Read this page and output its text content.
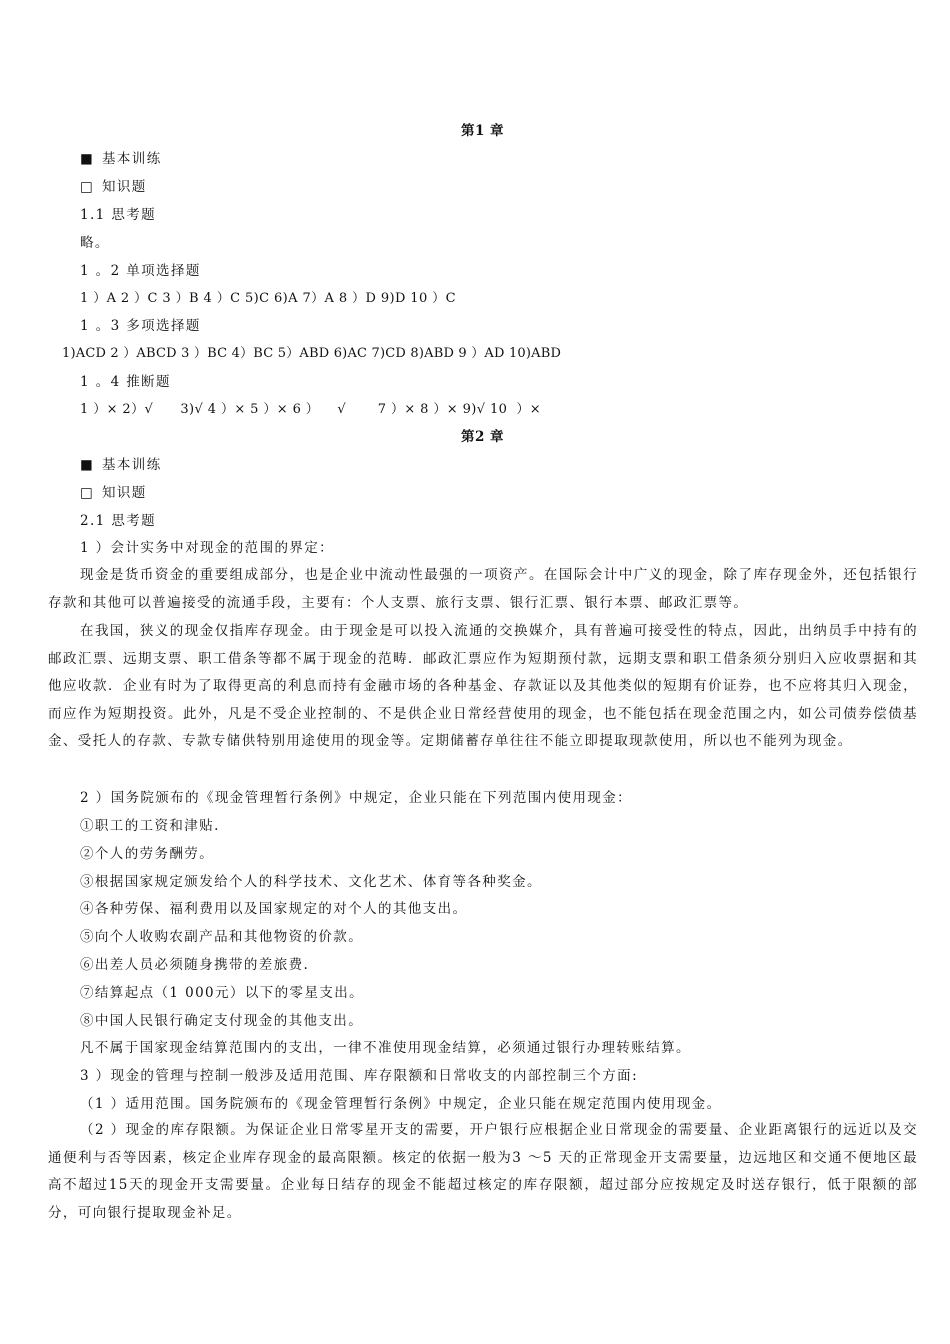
第1 章
■ 基本训练
□ 知识题
1.1 思考题
略。
1 。2 单项选择题
1 ）A 2 ）C 3 ）B 4 ）C 5)C 6)A 7）A 8 ）D 9)D 10 ）C
1 。3 多项选择题
1)ACD 2 ）ABCD 3 ）BC 4）BC 5）ABD 6)AC 7)CD 8)ABD 9 ）AD 10)ABD
1 。4 推断题
1 ）× 2）√      3)√ 4 ）× 5 ）× 6 ）    √       7 ）× 8 ）× 9)√ 10  ）×
第2 章
■ 基本训练
□ 知识题
2.1 思考题
1 ）会计实务中对现金的范围的界定：

现金是货币资金的重要组成部分，也是企业中流动性最强的一项资产。在国际会计中广义的现金，除了库存现金外，还包括银行存款和其他可以普遍接受的流通手段，主要有：个人支票、旅行支票、银行汇票、银行本票、邮政汇票等。

在我国，狭义的现金仅指库存现金。由于现金是可以投入流通的交换媒介，具有普遍可接受性的特点，因此，出纳员手中持有的邮政汇票、远期支票、职工借条等都不属于现金的范畴．邮政汇票应作为短期预付款，远期支票和职工借条须分别归入应收票据和其他应收款．企业有时为了取得更高的利息而持有金融市场的各种基金、存款证以及其他类似的短期有价证券，也不应将其归入现金，而应作为短期投资。此外，凡是不受企业控制的、不是供企业日常经营使用的现金，也不能包括在现金范围之内，如公司债券偿债基金、受托人的存款、专款专储供特别用途使用的现金等。定期储蓄存单往往不能立即提取现款使用，所以也不能列为现金。

2 ）国务院颁布的《现金管理暂行条例》中规定，企业只能在下列范围内使用现金：
①职工的工资和津贴.
②个人的劳务酬劳。
③根据国家规定颁发给个人的科学技术、文化艺术、体育等各种奖金。
④各种劳保、福利费用以及国家规定的对个人的其他支出。
⑤向个人收购农副产品和其他物资的价款。
⑥出差人员必须随身携带的差旅费.
⑦结算起点（1 000元）以下的零星支出。
⑧中国人民银行确定支付现金的其他支出。
凡不属于国家现金结算范围内的支出，一律不准使用现金结算，必须通过银行办理转账结算。
3 ）现金的管理与控制一般涉及适用范围、库存限额和日常收支的内部控制三个方面:
（1 ）适用范围。国务院颁布的《现金管理暂行条例》中规定，企业只能在规定范围内使用现金。

（2 ）现金的库存限额。为保证企业日常零星开支的需要，开户银行应根据企业日常现金的需要量、企业距离银行的远近以及交通便利与否等因素，核定企业库存现金的最高限额。核定的依据一般为3 ～5 天的正常现金开支需要量，边远地区和交通不便地区最高不超过15天的现金开支需要量。企业每日结存的现金不能超过核定的库存限额，超过部分应按规定及时送存银行，低于限额的部分，可向银行提取现金补足。
